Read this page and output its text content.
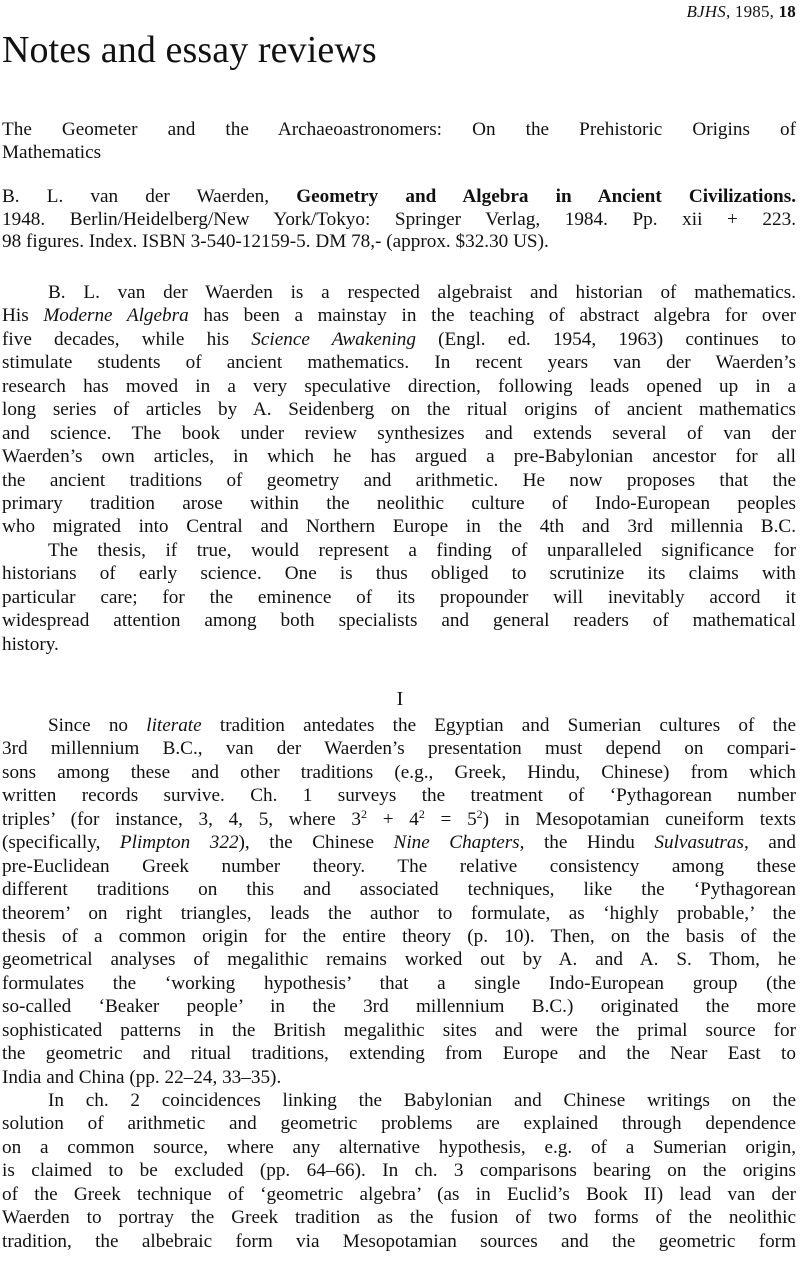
BJHS, 1985, 18
Notes and essay reviews
The Geometer and the Archaeoastronomers: On the Prehistoric Origins of
Mathematics
B. L. van der Waerden, Geometry and Algebra in Ancient Civilizations.
1948. Berlin/Heidelberg/New York/Tokyo: Springer Verlag, 1984. Pp. xii + 223.
98 figures. Index. ISBN 3-540-12159-5. DM 78,- (approx. $32.30 US).
B. L. van der Waerden is a respected algebraist and historian of mathematics.
His Moderne Algebra has been a mainstay in the teaching of abstract algebra for over
five decades, while his Science Awakening (Engl. ed. 1954, 1963) continues to
stimulate students of ancient mathematics. In recent years van der Waerden’s
research has moved in a very speculative direction, following leads opened up in a
long series of articles by A. Seidenberg on the ritual origins of ancient mathematics
and science. The book under review synthesizes and extends several of van der
Waerden’s own articles, in which he has argued a pre-Babylonian ancestor for all
the ancient traditions of geometry and arithmetic. He now proposes that the
primary tradition arose within the neolithic culture of Indo-European peoples
who migrated into Central and Northern Europe in the 4th and 3rd millennia B.C.
The thesis, if true, would represent a finding of unparalleled significance for
historians of early science. One is thus obliged to scrutinize its claims with
particular care; for the eminence of its propounder will inevitably accord it
widespread attention among both specialists and general readers of mathematical
history.
I
Since no literate tradition antedates the Egyptian and Sumerian cultures of the
3rd millennium B.C., van der Waerden’s presentation must depend on compari-
sons among these and other traditions (e.g., Greek, Hindu, Chinese) from which
written records survive. Ch. 1 surveys the treatment of ‘Pythagorean number
triples’ (for instance, 3, 4, 5, where $3^2 + 4^2 = 5^2$) in Mesopotamian cuneiform texts
(specifically, Plimpton 322), the Chinese Nine Chapters, the Hindu Sulvasutras, and
pre-Euclidean Greek number theory. The relative consistency among these
different traditions on this and associated techniques, like the ‘Pythagorean
theorem’ on right triangles, leads the author to formulate, as ‘highly probable,’ the
thesis of a common origin for the entire theory (p. 10). Then, on the basis of the
geometrical analyses of megalithic remains worked out by A. and A. S. Thom, he
formulates the ‘working hypothesis’ that a single Indo-European group (the
so-called ‘Beaker people’ in the 3rd millennium B.C.) originated the more
sophisticated patterns in the British megalithic sites and were the primal source for
the geometric and ritual traditions, extending from Europe and the Near East to
India and China (pp. 22–24, 33–35).
In ch. 2 coincidences linking the Babylonian and Chinese writings on the
solution of arithmetic and geometric problems are explained through dependence
on a common source, where any alternative hypothesis, e.g. of a Sumerian origin,
is claimed to be excluded (pp. 64–66). In ch. 3 comparisons bearing on the origins
of the Greek technique of ‘geometric algebra’ (as in Euclid’s Book II) lead van der
Waerden to portray the Greek tradition as the fusion of two forms of the neolithic
tradition, the albebraic form via Mesopotamian sources and the geometric form
